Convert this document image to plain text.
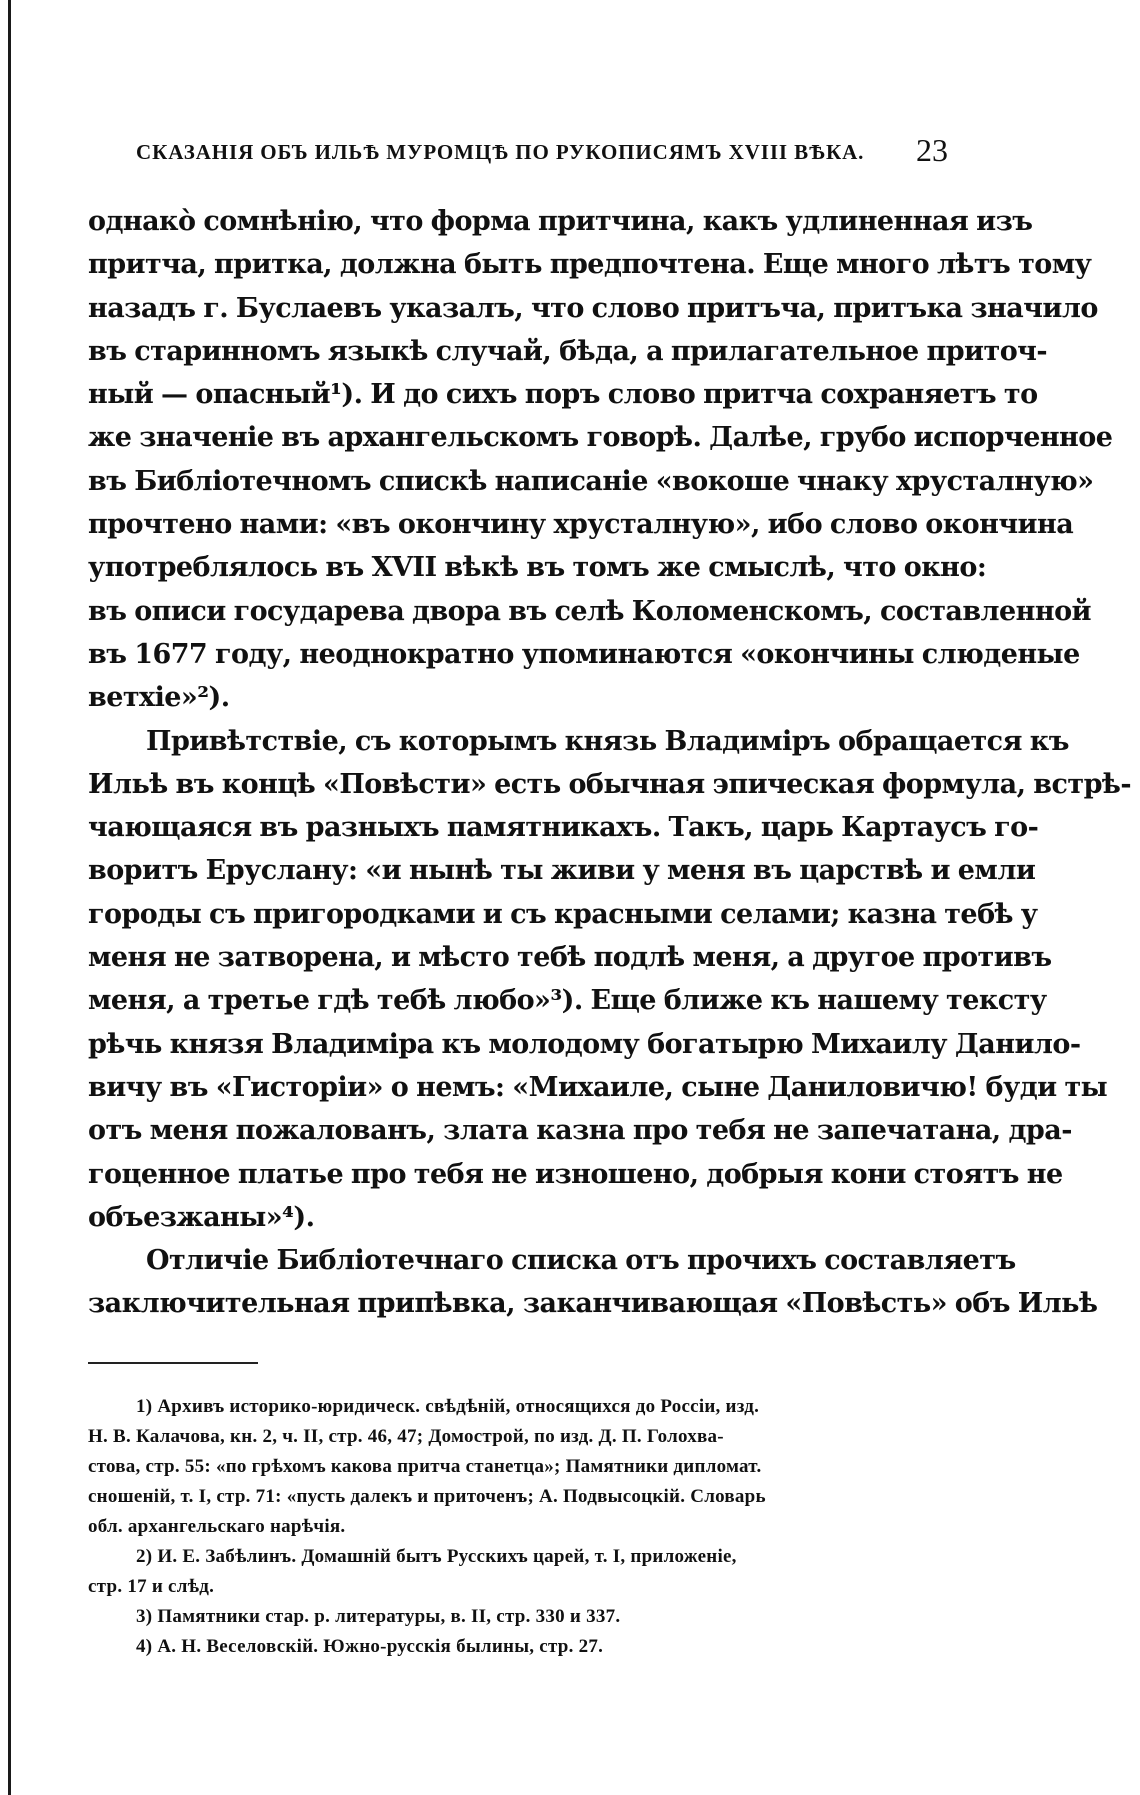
СКАЗАНІЯ ОБЪ ИЛЬѢ МУРОМЦѢ ПО РУКОПИСЯМЪ XVIII ВѢКА. 23
однакò сомнѣнію, что форма притчина, какъ удлиненная изъ
притча, притка, должна быть предпочтена. Еще много лѣтъ тому
назадъ г. Буслаевъ указалъ, что слово притъча, притъка значило
въ старинномъ языкѣ случай, бѣда, а прилагательное приточ-
ный — опасный¹). И до сихъ поръ слово притча сохраняетъ то
же значеніе въ архангельскомъ говорѣ. Далѣе, грубо испорченное
въ Библіотечномъ спискѣ написаніе «вокоше чнаку хрусталную»
прочтено нами: «въ окончину хрусталную», ибо слово окончина
употреблялось въ XVII вѣкѣ въ томъ же смыслѣ, что окно:
въ описи государева двора въ селѣ Коломенскомъ, составленной
въ 1677 году, неоднократно упоминаются «окончины слюденые
ветхіе»²).
Привѣтствіе, съ которымъ князь Владиміръ обращается къ
Ильѣ въ концѣ «Повѣсти» есть обычная эпическая формула, встрѣ-
чающаяся въ разныхъ памятникахъ. Такъ, царь Картаусъ го-
воритъ Еруслану: «и нынѣ ты живи у меня въ царствѣ и емли
городы съ пригородками и съ красными селами; казна тебѣ у
меня не затворена, и мѣсто тебѣ подлѣ меня, а другое противъ
меня, а третье гдѣ тебѣ любо»³). Еще ближе къ нашему тексту
рѣчь князя Владиміра къ молодому богатырю Михаилу Данило-
вичу въ «Гисторіи» о немъ: «Михаиле, сыне Даниловичю! буди ты
отъ меня пожалованъ, злата казна про тебя не запечатана, дра-
гоценное платье про тебя не изношено, добрыя кони стоятъ не
объезжаны»⁴).
Отличіе Библіотечнаго списка отъ прочихъ составляетъ
заключительная припѣвка, заканчивающая «Повѣсть» объ Ильѣ
1) Архивъ историко-юридическ. свѣдѣній, относящихся до Россіи, изд.
Н. В. Калачова, кн. 2, ч. II, стр. 46, 47; Домострой, по изд. Д. П. Голохва-
стова, стр. 55: «по грѣхомъ какова притча станетца»; Памятники дипломат.
сношеній, т. I, стр. 71: «пусть далекъ и приточенъ; А. Подвысоцкій. Словарь
обл. архангельскаго нарѣчія.
2) И. Е. Забѣлинъ. Домашній бытъ Русскихъ царей, т. I, приложеніе,
стр. 17 и слѣд.
3) Памятники стар. р. литературы, в. II, стр. 330 и 337.
4) А. Н. Веселовскій. Южно-русскія былины, стр. 27.
